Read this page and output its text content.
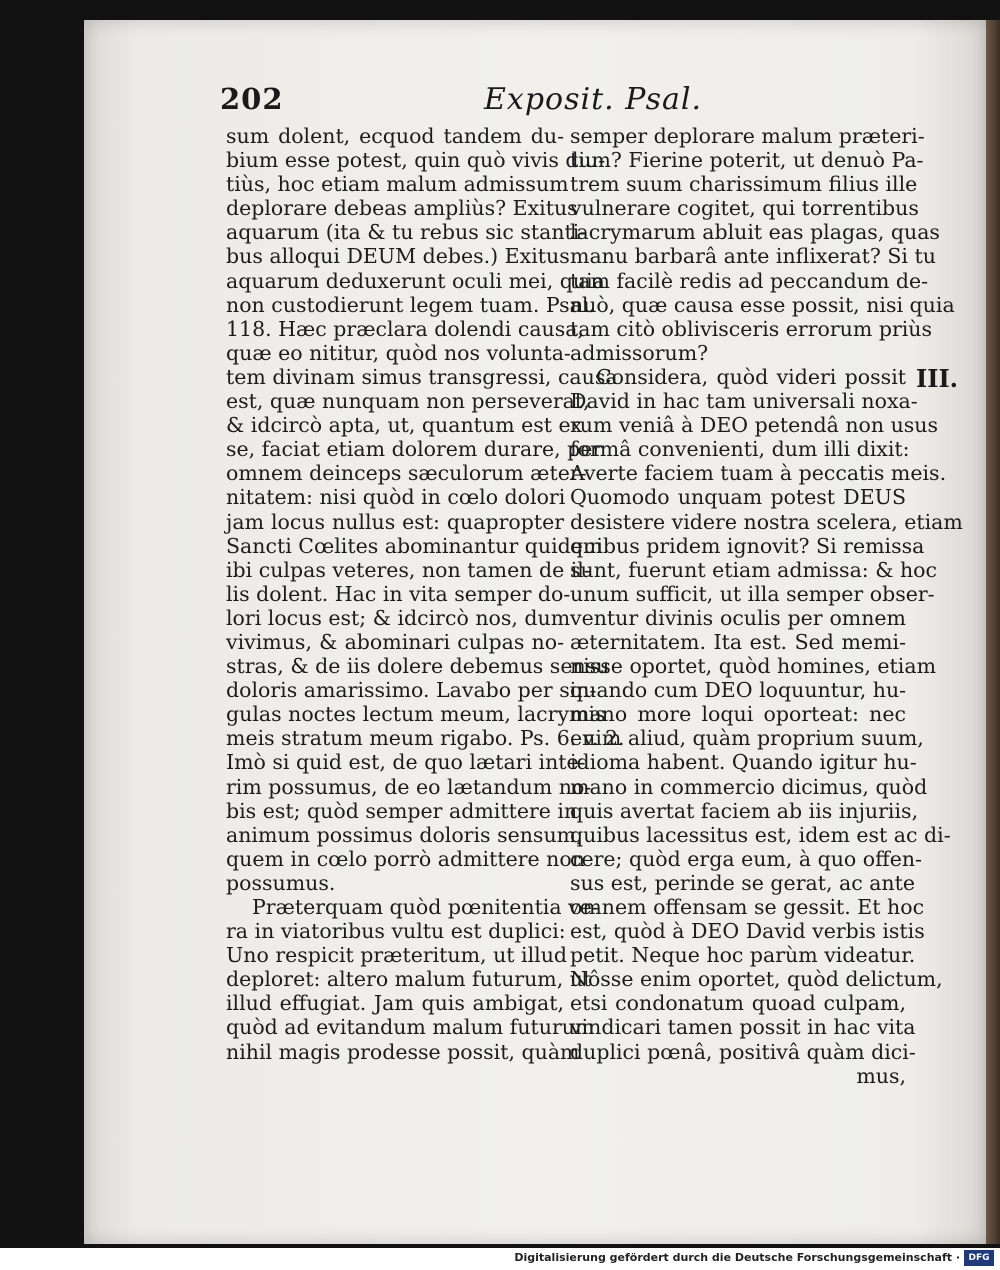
202	Exposit. Psal.
sum dolent, ecquod tandem du-
bium esse potest, quin quò vivis diu-
tiùs, hoc etiam malum admissum
deplorare debeas ampliùs? Exitus
aquarum (ita & tu rebus sic stanti-
bus alloqui DEUM debes.) Exitus
aquarum deduxerunt oculi mei, quia
non custodierunt legem tuam. Psal.
118. Hæc præclara dolendi causa,
quæ eo nititur, quòd nos volunta-
tem divinam simus transgressi, causa
est, quæ nunquam non perseverat,
& idcircò apta, ut, quantum est ex
se, faciat etiam dolorem durare, per
omnem deinceps sæculorum æter-
nitatem: nisi quòd in cœlo dolori
jam locus nullus est: quapropter
Sancti Cœlites abominantur quidem
ibi culpas veteres, non tamen de il-
lis dolent. Hac in vita semper do-
lori locus est; & idcircò nos, dum
vivimus, & abominari culpas no-
stras, & de iis dolere debemus sensu
doloris amarissimo. Lavabo per sin-
gulas noctes lectum meum, lacrymis
meis stratum meum rigabo. Ps. 6. v. 2.
Imò si quid est, de quo lætari inte-
rim possumus, de eo lætandum no-
bis est; quòd semper admittere in
animum possimus doloris sensum,
quem in cœlo porrò admittere non
possumus.
Præterquam quòd pœnitentia ve-
ra in viatoribus vultu est duplici:
Uno respicit præteritum, ut illud
deploret: altero malum futurum, ut
illud effugiat. Jam quis ambigat,
quòd ad evitandum malum futurum
nihil magis prodesse possit, quàm
semper deplorare malum præteri-
tum? Fierine poterit, ut denuò Pa-
trem suum charissimum filius ille
vulnerare cogitet, qui torrentibus
lacrymarum abluit eas plagas, quas
manu barbarâ ante inflixerat? Si tu
tam facilè redis ad peccandum de-
nuò, quæ causa esse possit, nisi quia
tam citò oblivisceris errorum priùs
admissorum?
Considera, quòd videri possit
David in hac tam universali noxa-
rum veniâ à DEO petendâ non usus
formâ convenienti, dum illi dixit:
Averte faciem tuam à peccatis meis.
Quomodo unquam potest DEUS
desistere videre nostra scelera, etiam
quibus pridem ignovit? Si remissa
sunt, fuerunt etiam admissa: & hoc
unum sufficit, ut illa semper obser-
ventur divinis oculis per omnem
æternitatem. Ita est. Sed memi-
nisse oportet, quòd homines, etiam
quando cum DEO loquuntur, hu-
mano more loqui oporteat: nec
enim aliud, quàm proprium suum,
idioma habent. Quando igitur hu-
mano in commercio dicimus, quòd
quis avertat faciem ab iis injuriis,
quibus lacessitus est, idem est ac di-
cere; quòd erga eum, à quo offen-
sus est, perinde se gerat, ac ante
omnem offensam se gessit. Et hoc
est, quòd à DEO David verbis istis
petit. Neque hoc parùm videatur.
Nôsse enim oportet, quòd delictum,
etsi condonatum quoad culpam,
vindicari tamen possit in hac vita
duplici pœnâ, positivâ quàm dici-
mus,
III.
Digitalisierung gefördert durch die Deutsche Forschungsgemeinschaft · DFG
